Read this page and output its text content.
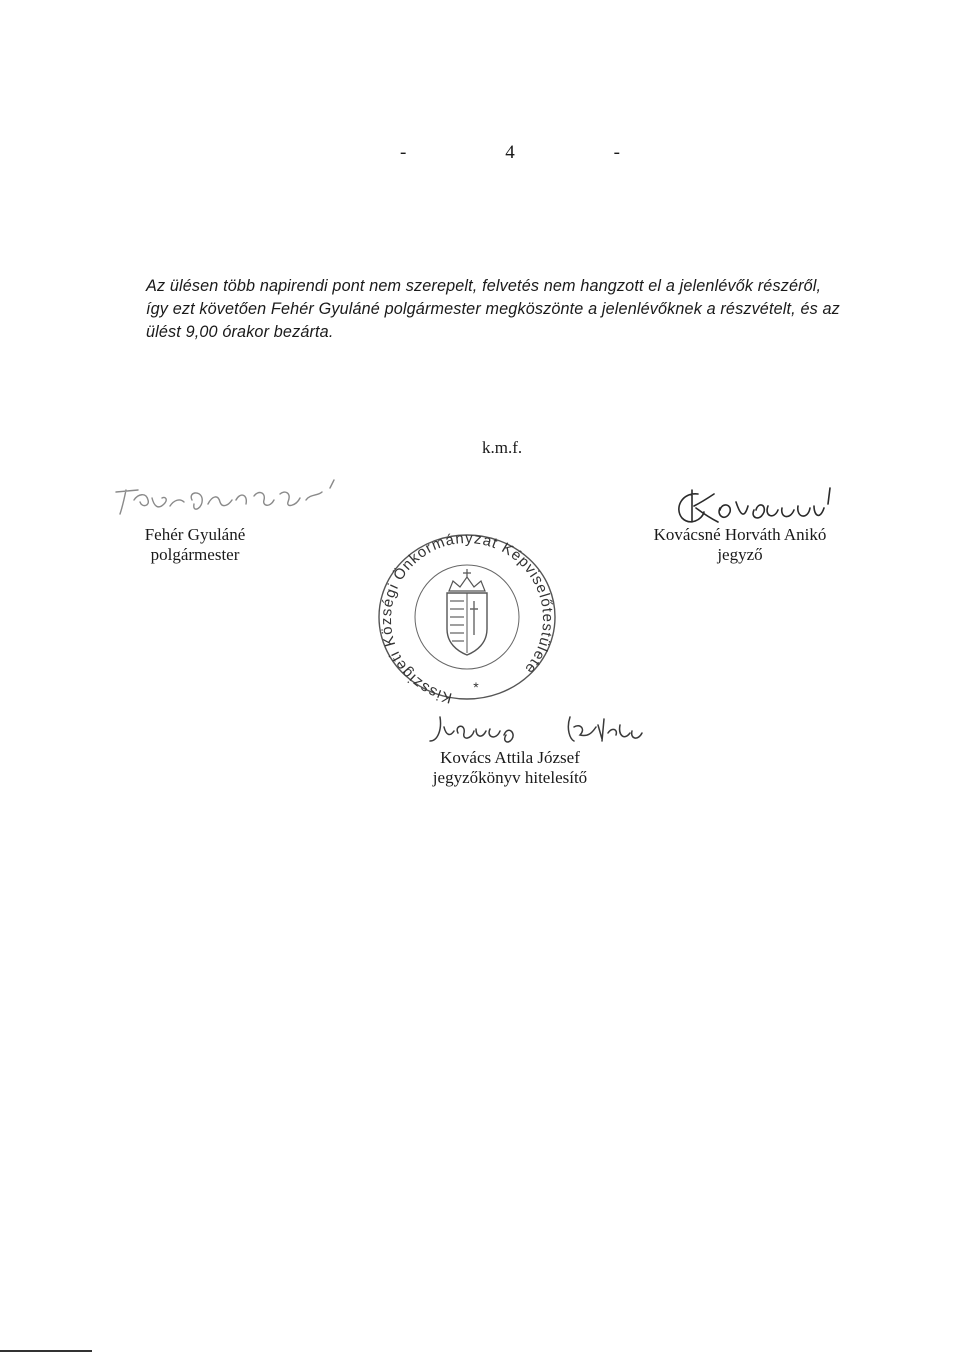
-	4	-
Az ülésen több napirendi pont nem szerepelt, felvetés nem hangzott el a jelenlévők részéről,
így ezt követően Fehér Gyuláné polgármester megköszönte a jelenlévőknek a részvételt, és az
ülést 9,00 órakor bezárta.
k.m.f.
Fehér Gyuláné
polgármester
Kovácsné Horváth Anikó
jegyző
Kisszigeti Községi Önkormányzat Képviselőtestülete
*
Kovács Attila József
jegyzőkönyv hitelesítő
